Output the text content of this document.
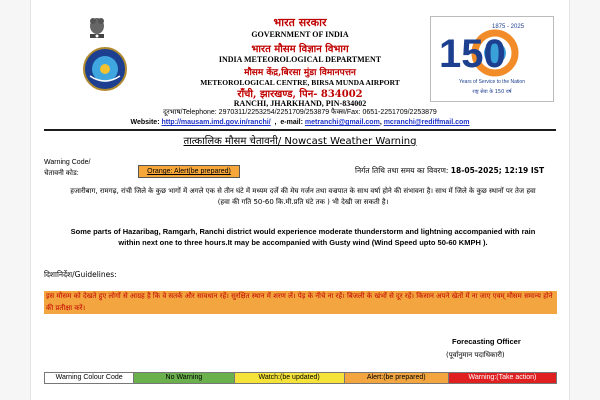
भारत सरकार
GOVERNMENT OF INDIA
भारत मौसम विज्ञान विभाग
INDIA METEOROLOGICAL DEPARTMENT
मौसम केंद्र,बिरसा मुंडा विमानपत्तन
METEOROLOGICAL CENTRE, BIRSA MUNDA AIRPORT
राँची, झारखण्ड, पिन- 834002
RANCHI, JHARKHAND, PIN-834002
दूरभाष/Telephone: 2970311/2253254/2251709/253879 फैक्स/Fax: 0651-2251709/2253879
Website: http://mausam.imd.gov.in/ranchi/  ,  e-mail: metranchi@gmail.com, mcranchi@rediffmail.com
150
1875 - 2025
Years of Service to the Nation
राष्ट्र सेवा के 150 वर्ष
तात्कालिक मौसम चेतावनी/ Nowcast Weather Warning
Warning Code/
चेतावनी कोड:	Orange: Alert(be prepared)	निर्गत तिथि तथा समय का विवरण: 18-05-2025; 12:19 IST
हजारीबाग, रामगढ़, रांची जिले के कुछ भागों में अगले एक से तीन घंटे में मध्यम दर्जे की मेघ गर्जन तथा वज्रपात के साथ वर्षा होने की संभावना है। साथ में जिले के कुछ स्थानों पर तेज हवा (हवा की गति 50-60 कि.मी.प्रति घंटे तक ) भी देखी जा सकती है।
Some parts of Hazaribag, Ramgarh, Ranchi district would experience moderate thunderstorm and lightning accompanied with rain within next one to three hours.It may be accompanied with Gusty wind (Wind Speed upto 50-60 KMPH ).
दिशानिर्देश/Guidelines:
इस मौसम को देखते हुए लोगों से आग्रह है कि वे सतर्क और सावधान रहें। सुरक्षित स्थान में शरण लें। पेड़ के नीचे ना रहें। बिजली के खंभों से दूर रहें। किसान अपने खेतों में ना जाए एवम् मौसम समान्य होने की प्रतीक्षा करें।
Forecasting Officer
(पूर्वानुमान पदाधिकारी)
Warning Colour Code	No Warning	Watch:(be updated)	Alert:(be prepared)	Warning:(Take action)
